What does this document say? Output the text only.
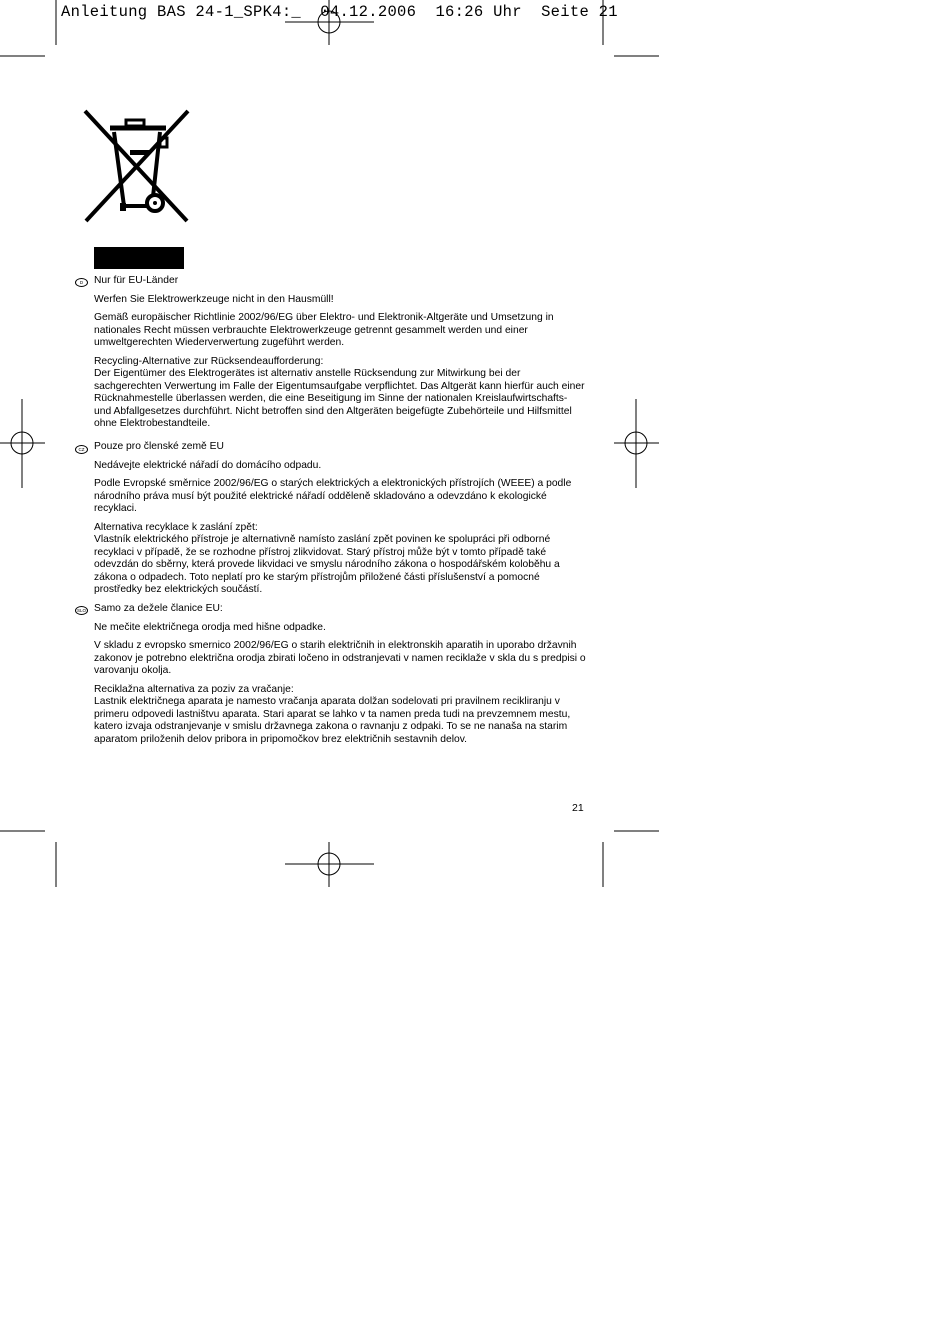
Anleitung BAS 24-1_SPK4:_  04.12.2006  16:26 Uhr  Seite 21
D	Nur für EU-Länder

Werfen Sie Elektrowerkzeuge nicht in den Hausmüll!

Gemäß europäischer Richtlinie 2002/96/EG über Elektro- und Elektronik-Altgeräte und Umsetzung in nationales Recht müssen verbrauchte Elektrowerkzeuge getrennt gesammelt werden und einer umweltgerechten Wiederverwertung zugeführt werden.

Recycling-Alternative zur Rücksendeaufforderung:

Der Eigentümer des Elektrogerätes ist alternativ anstelle Rücksendung zur Mitwirkung bei der sachgerechten Verwertung im Falle der Eigentumsaufgabe verpflichtet. Das Altgerät kann hierfür auch einer Rücknahmestelle überlassen werden, die eine Beseitigung im Sinne der nationalen Kreislaufwirtschafts- und Abfallgesetzes durchführt. Nicht betroffen sind den Altgeräten beigefügte Zubehörteile und Hilfsmittel ohne Elektrobestandteile.

CZ Pouze pro členské země EU

Nedávejte elektrické nářadí do domácího odpadu.

Podle Evropské směrnice 2002/96/EG o starých elektrických a elektronických přístrojích (WEEE) a podle národního práva musí být použité elektrické nářadí odděleně skladováno a odevzdáno k ekologické recyklaci.

Alternativa recyklace k zaslání zpět:

Vlastník elektrického přístroje je alternativně namísto zaslání zpět povinen ke spolupráci při odborné recyklaci v případě, že se rozhodne přístroj zlikvidovat. Starý přístroj může být v tomto případě také odevzdán do sběrny, která provede likvidaci ve smyslu národního zákona o hospodářském koloběhu a zákona o odpadech. Toto neplatí pro ke starým přístrojům přiložené části příslušenství a pomocné prostředky bez elektrických součástí.

SLO Samo za dežele članice EU:

Ne mečite električnega orodja med hišne odpadke.

V skladu z evropsko smernico 2002/96/EG o starih električnih in elektronskih aparatih in uporabo državnih zakonov je potrebno električna orodja zbirati ločeno in odstranjevati v namen reciklaže v skla du s predpisi o varovanju okolja.

Reciklažna alternativa za poziv za vračanje:

Lastnik električnega aparata je namesto vračanja aparata dolžan sodelovati pri pravilnem recikliranju v primeru odpovedi lastništvu aparata. Stari aparat se lahko v ta namen preda tudi na prevzemnem mestu, katero izvaja odstranjevanje v smislu državnega zakona o ravnanju z odpaki. To se ne nanaša na starim aparatom priloženih delov pribora in pripomočkov brez električnih sestavnih delov.

21
